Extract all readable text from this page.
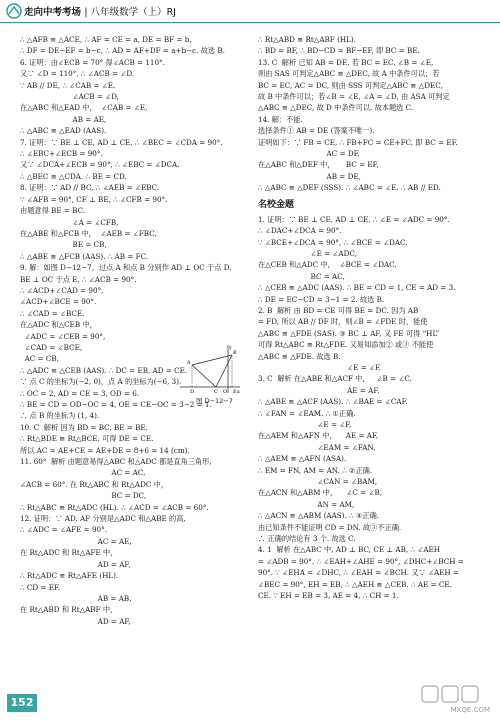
走向中考考场 | 八年级数学（上）RJ
∴ △AFB ≌ △ACE, ∴ AF = CE = a, DE = BF = b,
∴ DF = DE−EF = b−c, ∴ AD = AF+DF = a+b−c. 故选 B.
6. 证明：由∠ECB = 70° 得∠ACB = 110°.
又∵ ∠D = 110°, ∴ ∠ACB = ∠D.
∵ AB // DE, ∴ ∠CAB = ∠E.
∠ACB = ∠D,
在△ABC 和△EAD 中，  ∠CAB = ∠E,
AB = AE,
∴ △ABC ≌ △EAD (AAS).
7. 证明：∵ BE ⊥ CE, AD ⊥ CE, ∴ ∠BEC = ∠CDA = 90°.
∴ ∠EBC+∠ECB = 90°.
又∵ ∠DCA+∠ECB = 90°, ∴ ∠EBC = ∠DCA.
∴ △BEC ≌ △CDA. ∴ BE = CD.
8. 证明：∵ AD // BC, ∴ ∠AEB = ∠EBC.
∵ ∠AFB = 90°, CF ⊥ BE, ∴ ∠CFB = 90°.
由题意得 BE = BC.
∠A = ∠CFB,
在△ABE 和△FCB 中，  ∠AEB = ∠FBC,
BE = CB,
∴ △ABE ≌ △FCB (AAS). ∴ AB = FC.
9. 解：如图 D−12−7，过点 A 和点 B 分别作 AD ⊥ OC 于点 D,
BE ⊥ OC 于点 E, ∴ ∠ACB = 90°.
∴ ∠ACD+∠CAD = 90°,
∠ACD+∠BCE = 90°.
∴ ∠CAD = ∠BCE.
在△ADC 和△CEB 中，
∠ADC = ∠CEB = 90°,
∠CAD = ∠BCE,
AC = CB,
∴ △ADC ≌ △CEB (AAS). ∴ DC = EB, AD = CE.
∵ 点 C 的坐标为(−2, 0)，点 A 的坐标为(−6, 3).
∴ OC = 2, AD = CE = 3, OD = 6.
∴ BE = CD = OD−OC = 4, OE = CE−OC = 3−2 = 1.
∴ 点 B 的坐标为 (1, 4).
10. C  解析 因为 BD = BC, BE = BE,
∴ Rt△BDE ≌ Rt△BCE. 可得 DE = CE.
所以 AC = AE+CE = AE+DE = 8+6 = 14 (cm).
11. 60°  解析 由题意易得△ABC 和△ADC 都是直角三角形,
AC = AC,
∠ACB = 60°. 在 Rt△ABC 和 Rt△ADC 中，
BC = DC,
∴ Rt△ABC ≌ Rt△ADC (HL). ∴ ∠ACD = ∠ACB = 60°.
12. 证明：∵ AD, AF 分别是△ADC 和△ABE 的高,
∴ ∠ADC = ∠AFE = 90°.
AC = AE,
在 Rt△ADC 和 Rt△AFE 中，
AD = AF,
∴ Rt△ADC ≌ Rt△AFE (HL).
∴ CD = EF.
AB = AB,
在 Rt△ABD 和 Rt△ABF 中，
AD = AF,
∴ Rt△ABD ≌ Rt△ABF (HL).
∴ BD = BF, ∴ BD−CD = BF−EF, 即 BC = BE.
13. C  解析 已知 AB = DE, 若 BC = EC, ∠B = ∠E,
则由 SAS 可判定△ABC ≌ △DEC, 故 A 中条件可以；若
BC = EC, AC = DC, 则由 SSS 可判定△ABC ≌ △DEC,
故 B 中条件可以；若∠B = ∠E, ∠A = ∠D, 由 ASA 可判定
△ABC ≌ △DEC, 故 D 中条件可以. 故本题选 C.
14. 解：不能.
选择条件① AB = DE (答案不唯一).
证明如下：∵ FB = CE, ∴ FB+FC = CE+FC, 即 BC = EF.
AC = DF,
在△ABC 和△DEF 中，     BC = EF,
AB = DE,
∴ △ABC ≌ △DEF (SSS). ∴ ∠ABC = ∠E. ∴ AB // ED.
名校金题
1. 证明：∵ BE ⊥ CE, AD ⊥ CE, ∴ ∠E = ∠ADC = 90°.
∴ ∠DAC+∠DCA = 90°.
∵ ∠BCE+∠DCA = 90°, ∴ ∠BCE = ∠DAC.
∠E = ∠ADC,
在△CEB 和△ADC 中，  ∠BCE = ∠DAC,
BC = AC,
∴ △CEB ≌ △ADC (AAS). ∴ BE = CD = 1, CE = AD = 3.
∴ DE = EC−CD = 3−1 = 2. 故选 B.
2. B  解析 由 BD = CE 可得 BE = DC. 因为 AB
= FD, 所以 AB // DF 时，则∠B = ∠FDE 时，能使
△ABC ≌ △FDE (SAS). ③ BC ⊥ AF, 又 FE 可得 “HL”
可得 Rt△ABC ≌ Rt△FDE. 又易知添加② 或③ 不能使
△ABC ≌ △FDE. 故选 B.
∠E = ∠F,
3. C  解析 在△ABE 和△ACF 中，   ∠B = ∠C,
AE = AF,
∴ △ABE ≌ △ACF (AAS). ∴ ∠BAE = ∠CAF.
∴ ∠FAN = ∠EAM. ∴ ①正确.
∠E = ∠F,
在△AEM 和△AFN 中，    AE = AF,
∠EAM = ∠FAN,
∴ △AEM ≌ △AFN (ASA).
∴ EM = FN, AM = AN. ∴ ②正确.
∠CAN = ∠BAM,
在△ACN 和△ABM 中，    ∠C = ∠B,
AN = AM,
∴ △ACN ≌ △ABM (AAS). ∴ ④正确.
由已知条件不能证明 CD = DN. 故③不正确.
∴ 正确的结论有 3 个. 故选 C.
4. 1  解析 在△ABC 中, AD ⊥ BC, CE ⊥ AB, ∴ ∠AEH
= ∠ADB = 90°. ∴ ∠EAH+∠AHE = 90°, ∠DHC+∠BCH =
90°. ∵ ∠EHA = ∠DHC, ∴ ∠EAH = ∠BCH. 又∵ ∠AEH =
∠BEC = 90°, EH = EB, ∴ △AEH ≌ △CEB. ∴ AE = CE.
CE. ∵ EH = EB = 3, AE = 4, ∴ CH = 1.
y
x
O
A
B
C
D	E
图 D−12−7
152
MXQE.COM
